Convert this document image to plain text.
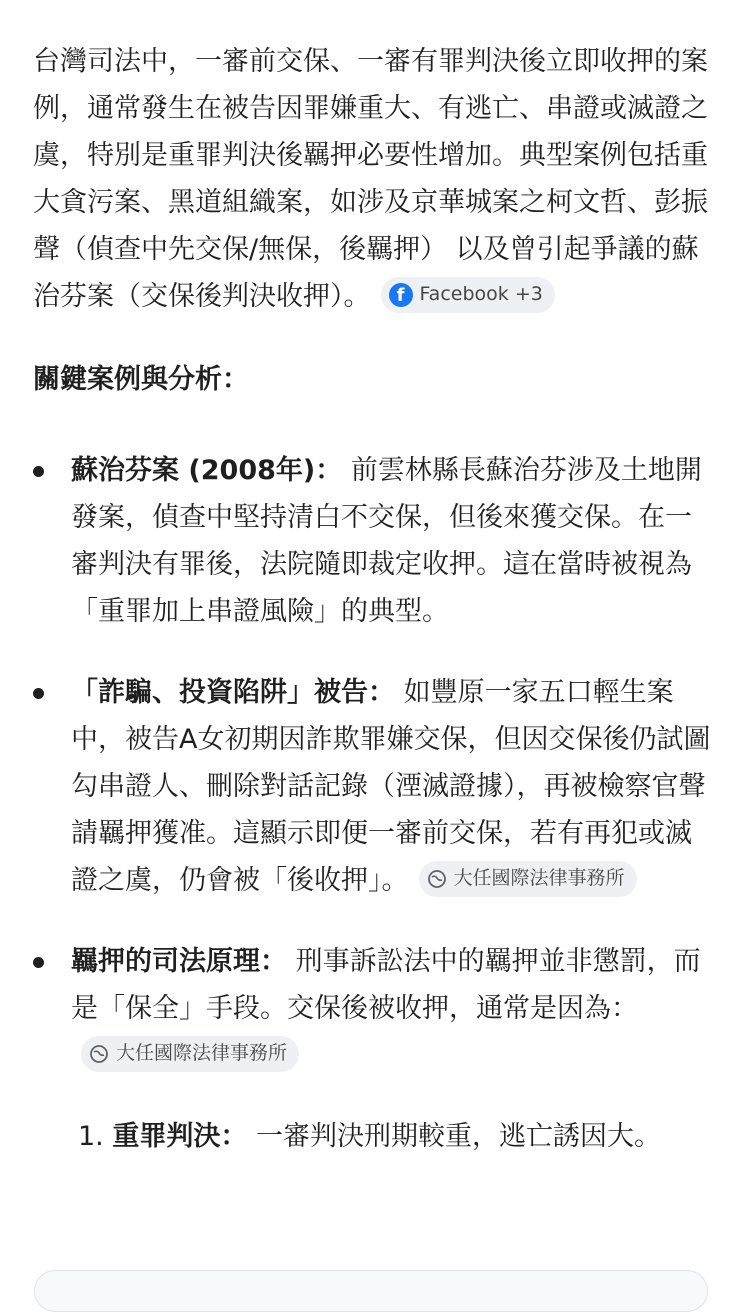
台灣司法中，一審前交保、一審有罪判決後立即收押的案例，通常發生在被告因罪嫌重大、有逃亡、串證或滅證之虞，特別是重罪判決後羈押必要性增加。典型案例包括重大貪污案、黑道組織案，如涉及京華城案之柯文哲、彭振聲（偵查中先交保/無保，後羈押） 以及曾引起爭議的蘇治芬案（交保後判決收押）。	f Facebook +3

關鍵案例與分析：
蘇治芬案 (2008年)： 前雲林縣長蘇治芬涉及土地開發案，偵查中堅持清白不交保，但後來獲交保。在一審判決有罪後，法院隨即裁定收押。這在當時被視為「重罪加上串證風險」的典型。
「詐騙、投資陷阱」被告： 如豐原一家五口輕生案中，被告A女初期因詐欺罪嫌交保，但因交保後仍試圖勾串證人、刪除對話記錄（湮滅證據），再被檢察官聲請羈押獲准。這顯示即便一審前交保，若有再犯或滅證之虞，仍會被「後收押」。 大任國際法律事務所
羈押的司法原理： 刑事訴訟法中的羈押並非懲罰，而是「保全」手段。交保後被收押，通常是因為：
大任國際法律事務所
1. 重罪判決： 一審判決刑期較重，逃亡誘因大。
